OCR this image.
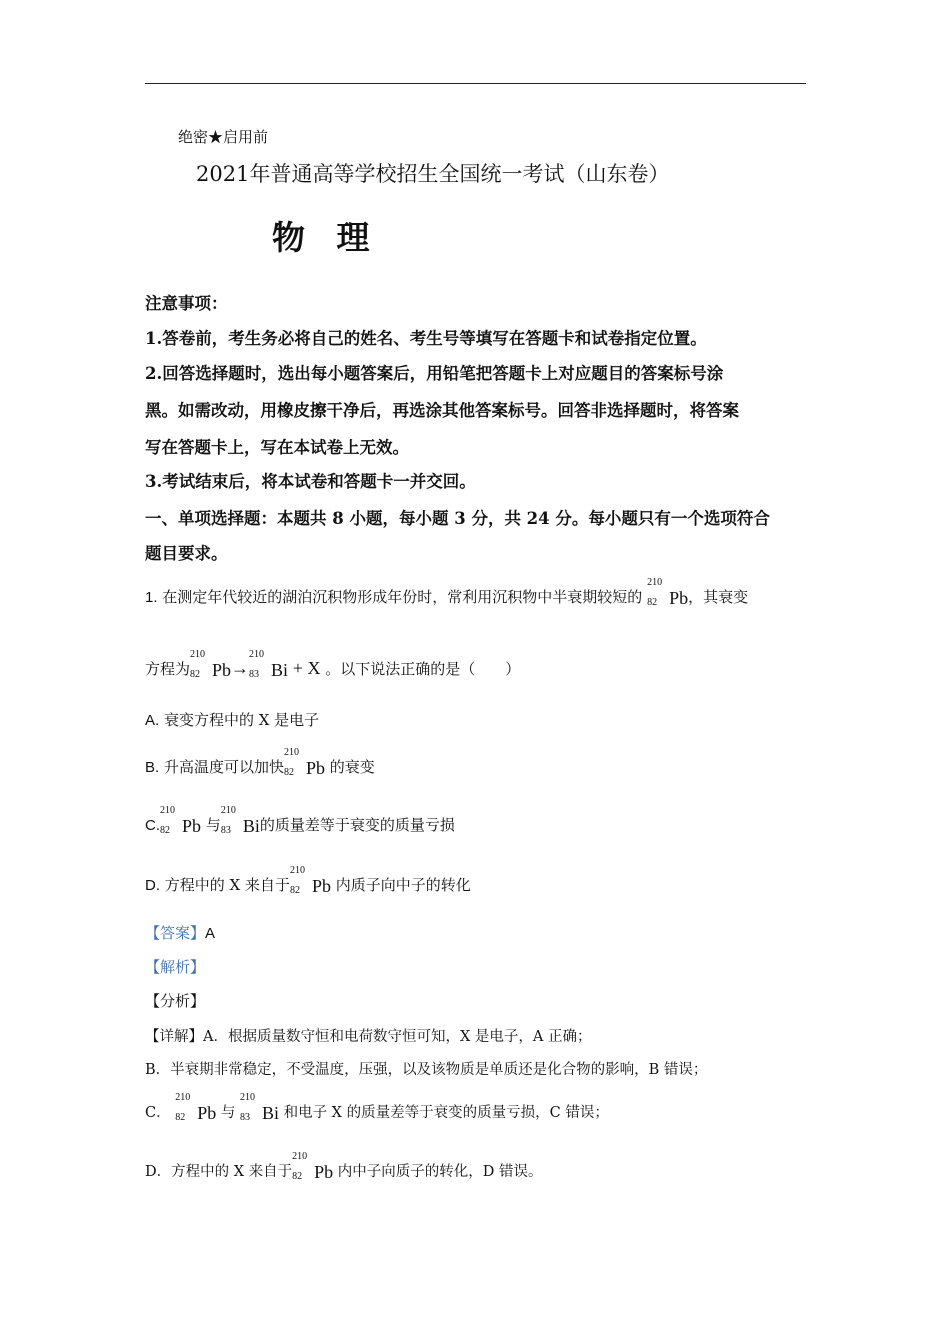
绝密★启用前
2021年普通高等学校招生全国统一考试（山东卷）
物 理
注意事项：
1.答卷前，考生务必将自己的姓名、考生号等填写在答题卡和试卷指定位置。
2.回答选择题时，选出每小题答案后，用铅笔把答题卡上对应题目的答案标号涂
黑。如需改动，用橡皮擦干净后，再选涂其他答案标号。回答非选择题时，将答案
写在答题卡上，写在本试卷上无效。
3.考试结束后，将本试卷和答题卡一并交回。
一、单项选择题：本题共 8 小题，每小题 3 分，共 24 分。每小题只有一个选项符合
题目要求。
1. 在测定年代较近的湖泊沉积物形成年份时，常利用沉积物中半衰期较短的
210
82 Pb，其衰变
方程为
210
82 Pb→
210
83 Bi + X 。以下说法正确的是（　　）
A. 衰变方程中的 X 是电子
B. 升高温度可以加快
210
82 Pb 的衰变
C.
210
82 Pb 与
210
83 Bi的质量差等于衰变的质量亏损
D. 方程中的 X 来自于
210
82 Pb 内质子向中子的转化
【答案】A
【解析】
【分析】
【详解】A．根据质量数守恒和电荷数守恒可知，X 是电子，A 正确；
B．半衰期非常稳定，不受温度，压强，以及该物质是单质还是化合物的影响，B 错误；
C．
210
82 Pb 与
210
83 Bi 和电子 X 的质量差等于衰变的质量亏损，C 错误；
D．方程中的 X 来自于
210
82 Pb 内中子向质子的转化，D 错误。
